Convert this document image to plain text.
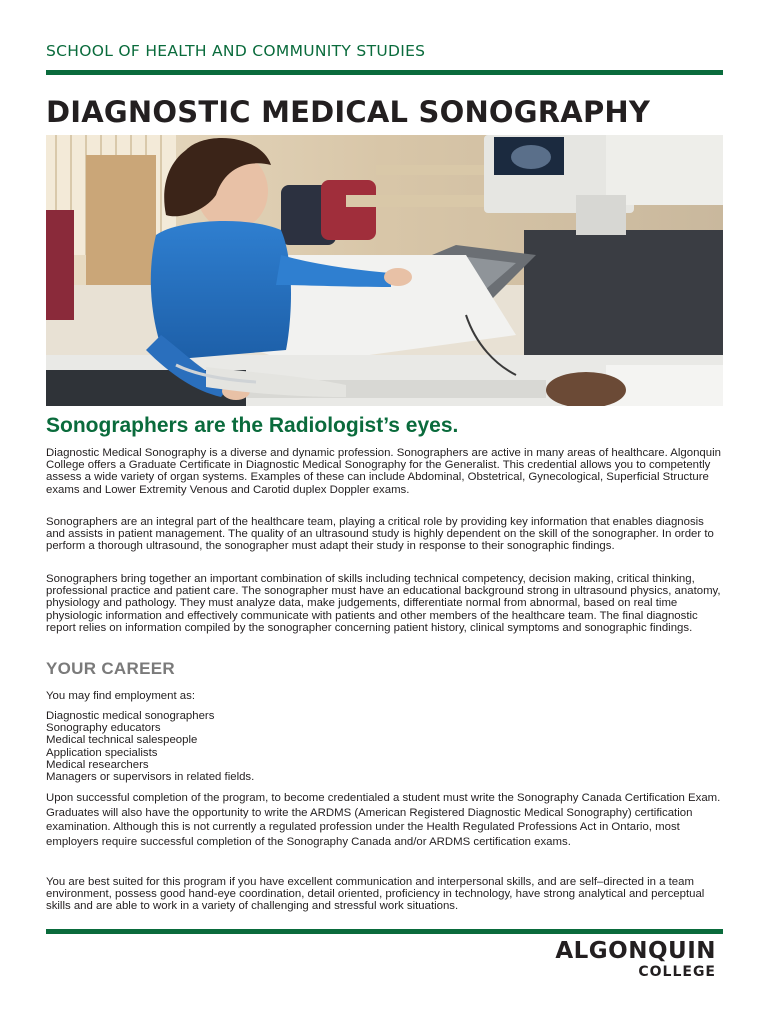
SCHOOL OF HEALTH AND COMMUNITY STUDIES
DIAGNOSTIC MEDICAL SONOGRAPHY
Sonographers are the Radiologist’s eyes.

Diagnostic Medical Sonography is a diverse and dynamic profession. Sonographers are active in many areas of healthcare. Algonquin College offers a Graduate Certificate in Diagnostic Medical Sonography for the Generalist. This credential allows you to competently assess a wide variety of organ systems. Examples of these can include Abdominal, Obstetrical, Gynecological, Superficial Structure exams and Lower Extremity Venous and Carotid duplex Doppler exams.

Sonographers are an integral part of the healthcare team, playing a critical role by providing key information that enables diagnosis and assists in patient management. The quality of an ultrasound study is highly dependent on the skill of the sonographer. In order to perform a thorough ultrasound, the sonographer must adapt their study in response to their sonographic findings.

Sonographers bring together an important combination of skills including technical competency, decision making, critical thinking, professional practice and patient care. The sonographer must have an educational background strong in ultrasound physics, anatomy, physiology and pathology. They must analyze data, make judgements, differentiate normal from abnormal, based on real time physiologic information and effectively communicate with patients and other members of the healthcare team. The final diagnostic report relies on information compiled by the sonographer concerning patient history, clinical symptoms and sonographic findings.

YOUR CAREER
You may find employment as:
Diagnostic medical sonographers
Sonography educators
Medical technical salespeople
Application specialists
Medical researchers
Managers or supervisors in related fields.
Upon successful completion of the program, to become credentialed a student must write the Sonography Canada Certification Exam. Graduates will also have the opportunity to write the ARDMS (American Registered Diagnostic Medical Sonography) certification examination. Although this is not currently a regulated profession under the Health Regulated Professions Act in Ontario, most employers require successful completion of the Sonography Canada and/or ARDMS certification exams.
You are best suited for this program if you have excellent communication and interpersonal skills, and are self–directed in a team environment, possess good hand-eye coordination, detail oriented, proficiency in technology, have strong analytical and perceptual skills and are able to work in a variety of challenging and stressful work situations.
ALGONQUIN
COLLEGE
